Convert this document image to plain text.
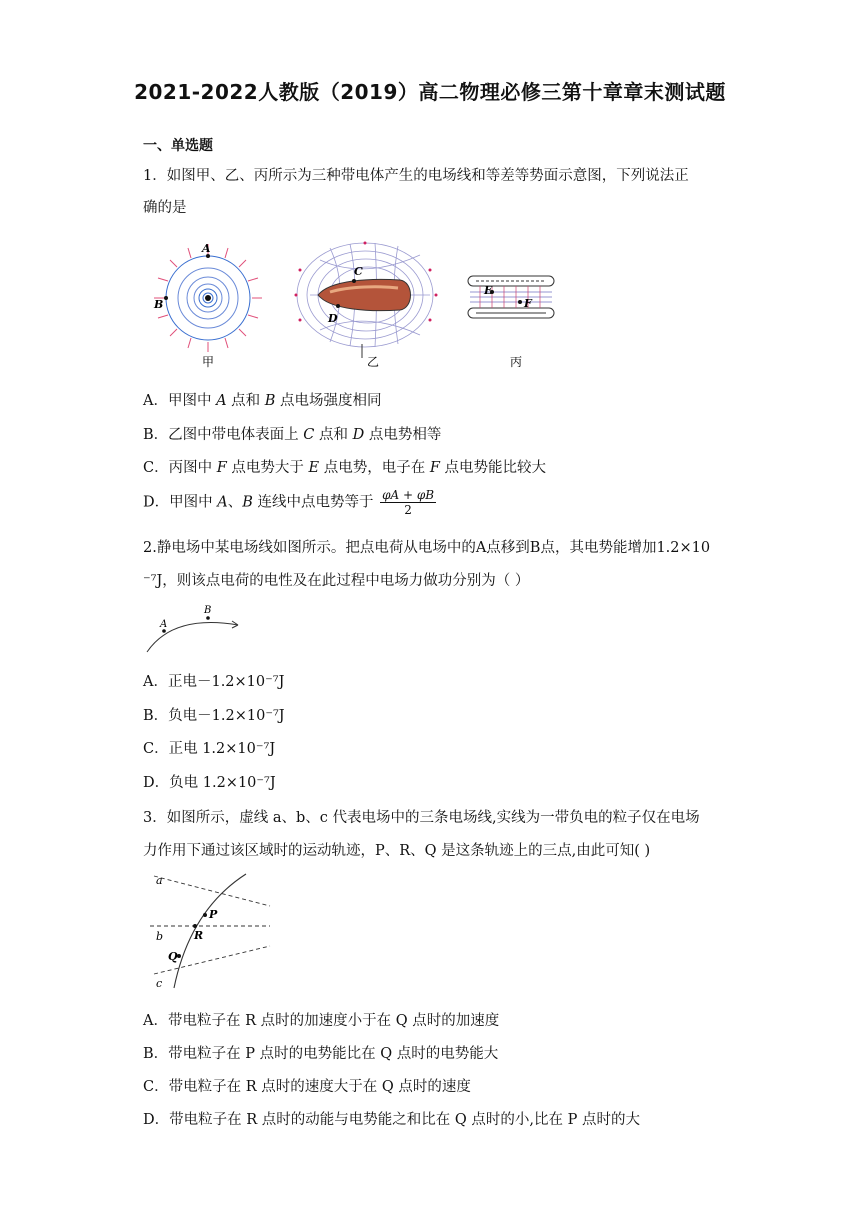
2021-2022人教版（2019）高二物理必修三第十章章末测试题
一、单选题
1．如图甲、乙、丙所示为三种带电体产生的电场线和等差等势面示意图，下列说法正
确的是
A
B
甲
C
D
乙
E
F
丙
A．甲图中 A 点和 B 点电场强度相同
B．乙图中带电体表面上 C 点和 D 点电势相等
C．丙图中 F 点电势大于 E 点电势，电子在 F 点电势能比较大
D．甲图中 A、B 连线中点电势等于 $\frac{\varphi A + \varphi B}{2}$
2.静电场中某电场线如图所示。把点电荷从电场中的A点移到B点，其电势能增加1.2×10
⁻⁷J，则该点电荷的电性及在此过程中电场力做功分别为（ ）
A
B
A．正电－1.2×10⁻⁷J
B．负电－1.2×10⁻⁷J
C．正电 1.2×10⁻⁷J
D．负电 1.2×10⁻⁷J
3．如图所示，虚线 a、b、c 代表电场中的三条电场线,实线为一带负电的粒子仅在电场
力作用下通过该区域时的运动轨迹，P、R、Q 是这条轨迹上的三点,由此可知( )
a
b
c
P
R
Q
A．带电粒子在 R 点时的加速度小于在 Q 点时的加速度
B．带电粒子在 P 点时的电势能比在 Q 点时的电势能大
C．带电粒子在 R 点时的速度大于在 Q 点时的速度
D．带电粒子在 R 点时的动能与电势能之和比在 Q 点时的小,比在 P 点时的大
